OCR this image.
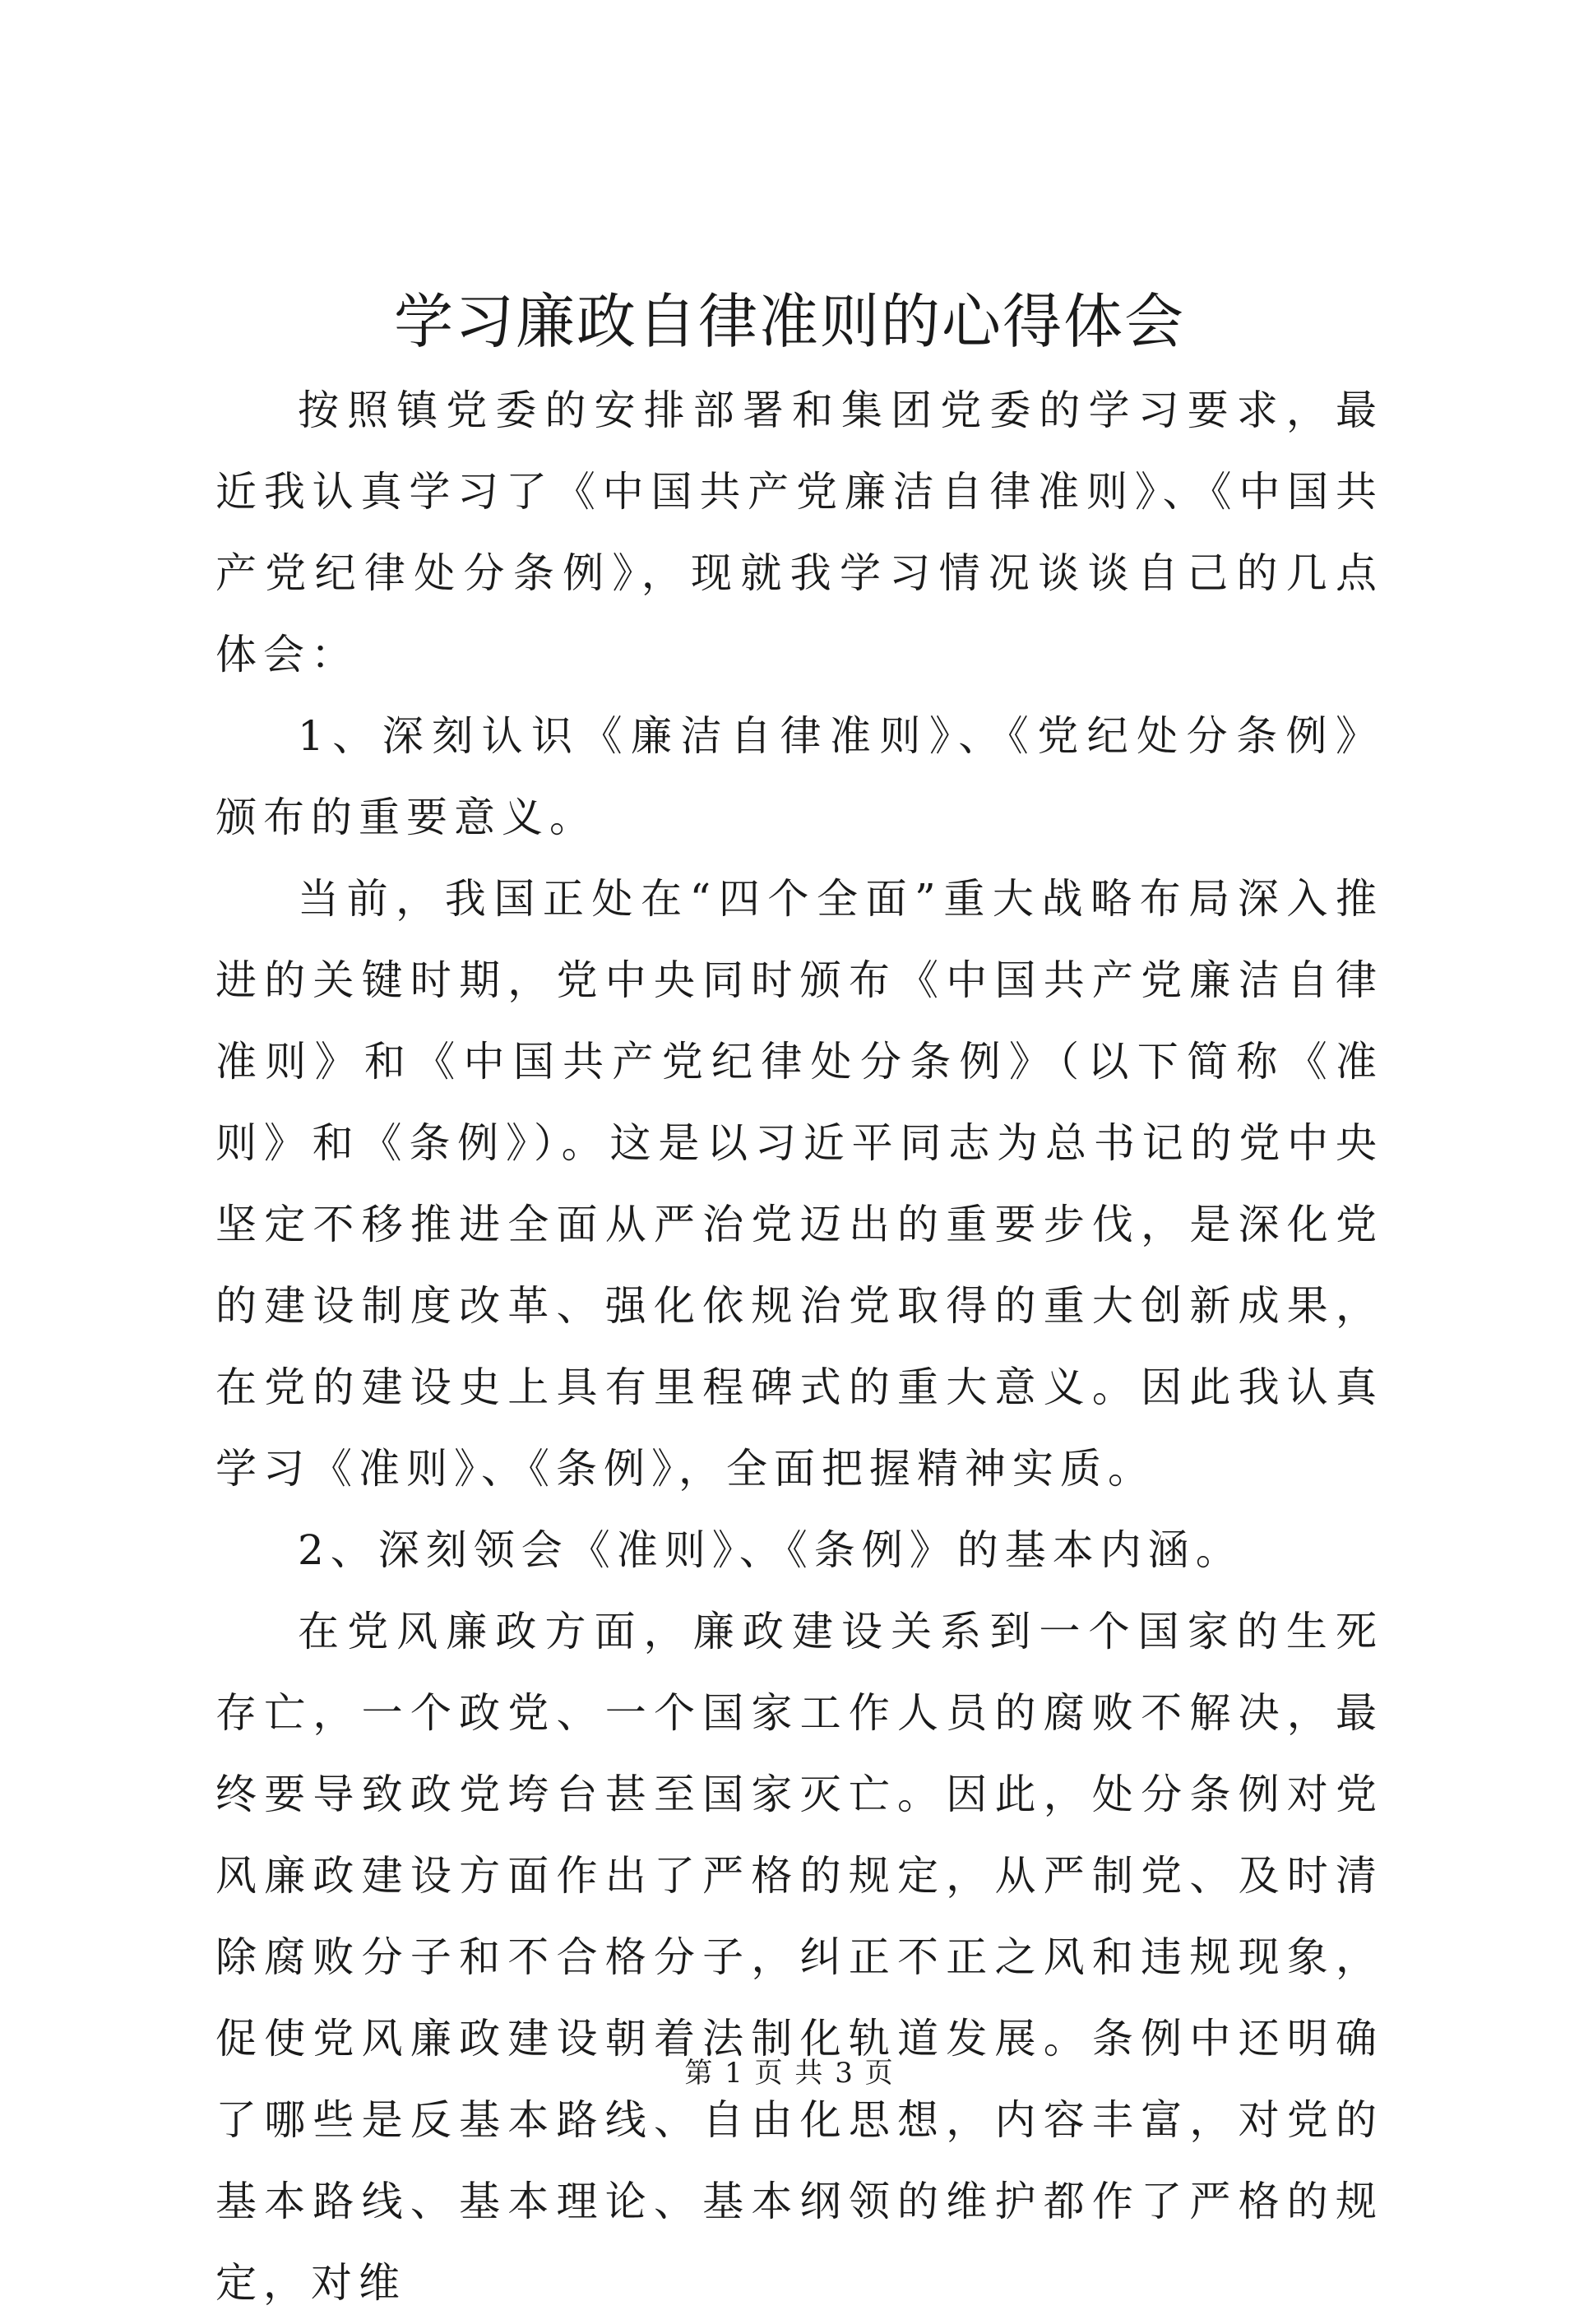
学习廉政自律准则的心得体会

按照镇党委的安排部署和集团党委的学习要求，最近我认真学习了《中国共产党廉洁自律准则》、《中国共产党纪律处分条例》，现就我学习情况谈谈自己的几点体会：

1、深刻认识《廉洁自律准则》、《党纪处分条例》颁布的重要意义。

当前，我国正处在“四个全面”重大战略布局深入推进的关键时期，党中央同时颁布《中国共产党廉洁自律准则》和《中国共产党纪律处分条例》（以下简称《准则》和《条例》）。这是以习近平同志为总书记的党中央坚定不移推进全面从严治党迈出的重要步伐，是深化党的建设制度改革、强化依规治党取得的重大创新成果，在党的建设史上具有里程碑式的重大意义。因此我认真学习《准则》、《条例》，全面把握精神实质。

2、深刻领会《准则》、《条例》的基本内涵。

在党风廉政方面，廉政建设关系到一个国家的生死存亡，一个政党、一个国家工作人员的腐败不解决，最终要导致政党垮台甚至国家灭亡。因此，处分条例对党风廉政建设方面作出了严格的规定，从严制党、及时清除腐败分子和不合格分子，纠正不正之风和违规现象，促使党风廉政建设朝着法制化轨道发展。条例中还明确了哪些是反基本路线、自由化思想，内容丰富，对党的基本路线、基本理论、基本纲领的维护都作了严格的规定，对维

第 1 页 共 3 页
